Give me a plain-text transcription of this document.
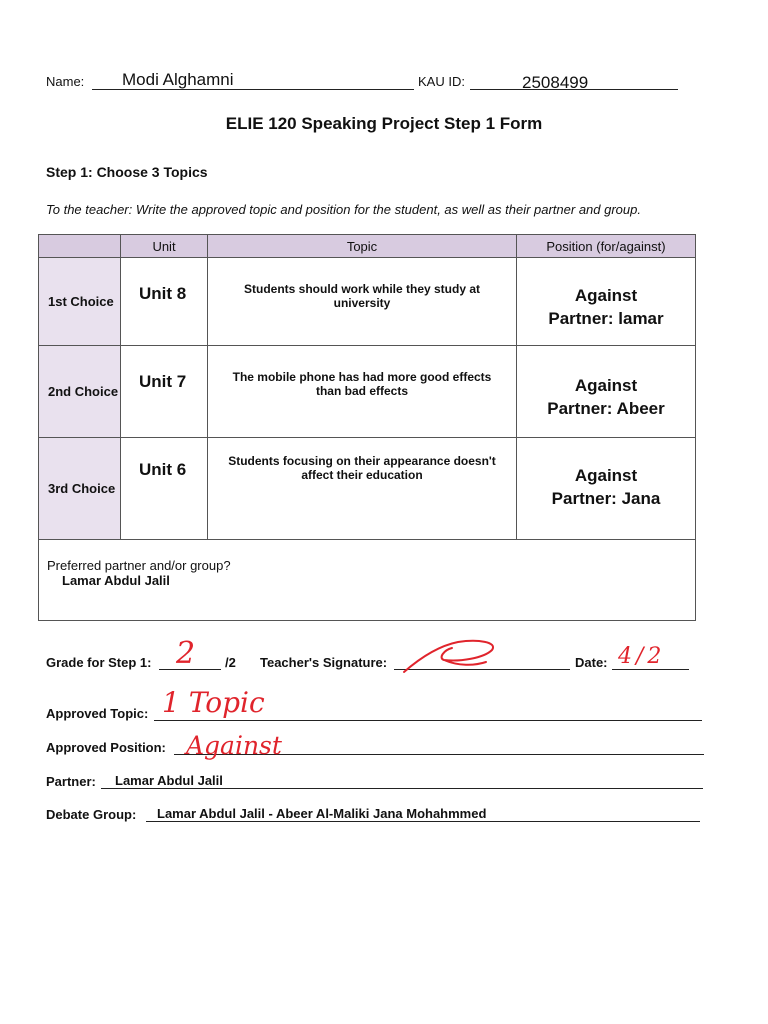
Name: Modi Alghamni	KAU ID:	2508499
ELIE 120 Speaking Project Step 1 Form
Step 1: Choose 3 Topics
To the teacher: Write the approved topic and position for the student, as well as their partner and group.
	Unit	Topic	Position (for/against)
1st Choice	Unit 8	Students should work while they study at university	Against
Partner: lamar

2nd Choice	Unit 7	The mobile phone has had more good effects than bad effects	Against
Partner: Abeer

3rd Choice	Unit 6	Students focusing on their appearance doesn't affect their education	Against
Partner: Jana

Preferred partner and/or group?
Lamar Abdul Jalil			
Grade for Step 1: 2 /2 Teacher's Signature:	Date: 4/2
Approved Topic: 1 Topic
Approved Position: Against
Partner: Lamar Abdul Jalil
Debate Group: Lamar Abdul Jalil - Abeer Al-Maliki Jana Mohahmmed
